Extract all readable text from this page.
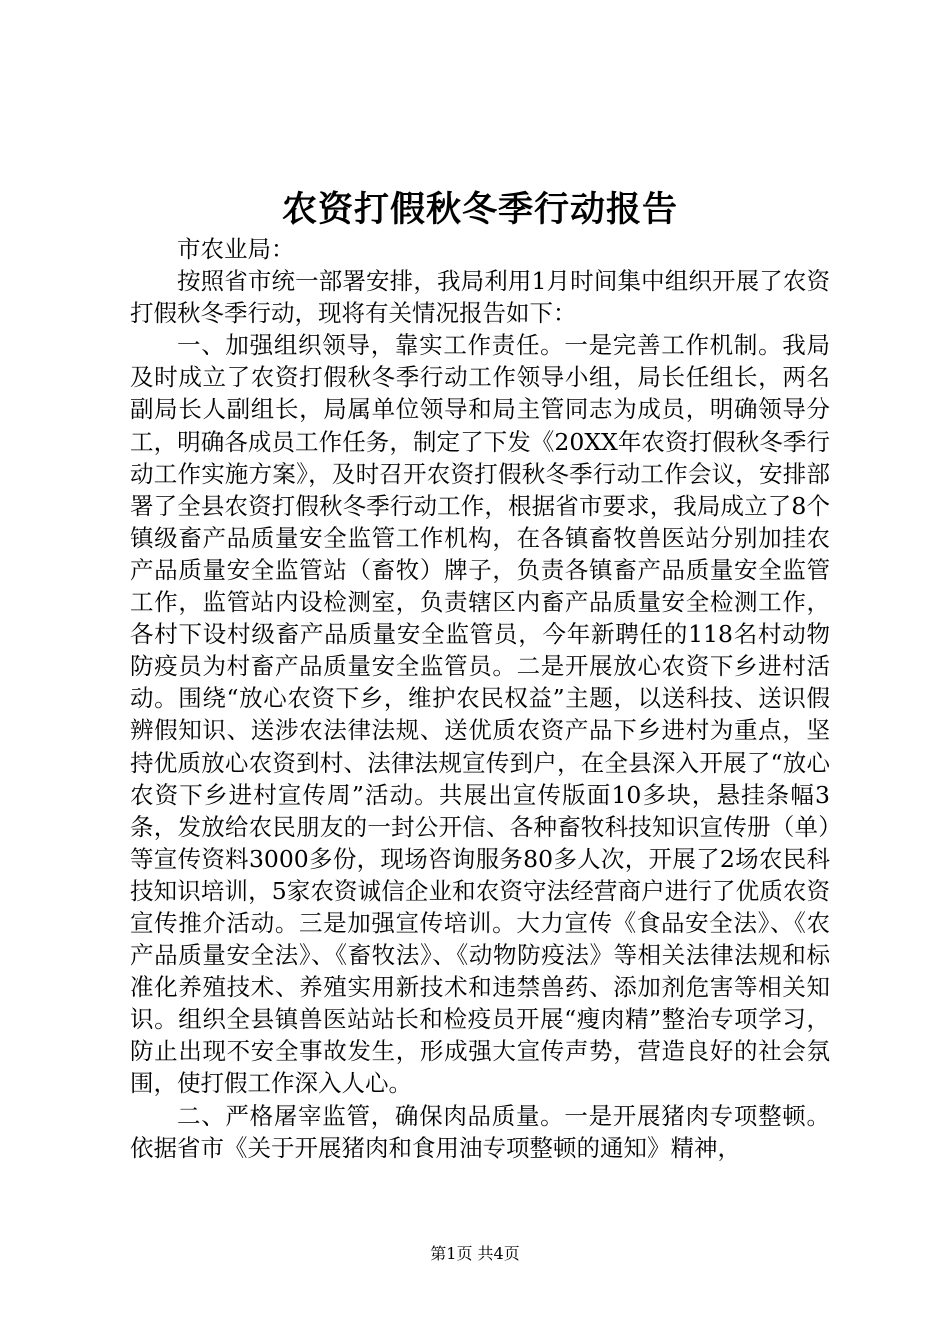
农资打假秋冬季行动报告

市农业局：

按照省市统一部署安排，我局利用1月时间集中组织开展了农资打假秋冬季行动，现将有关情况报告如下：

一、加强组织领导，靠实工作责任。一是完善工作机制。我局及时成立了农资打假秋冬季行动工作领导小组，局长任组长，两名副局长人副组长，局属单位领导和局主管同志为成员，明确领导分工，明确各成员工作任务，制定了下发《20XX年农资打假秋冬季行动工作实施方案》，及时召开农资打假秋冬季行动工作会议，安排部署了全县农资打假秋冬季行动工作，根据省市要求，我局成立了8个镇级畜产品质量安全监管工作机构，在各镇畜牧兽医站分别加挂农产品质量安全监管站（畜牧）牌子，负责各镇畜产品质量安全监管工作，监管站内设检测室，负责辖区内畜产品质量安全检测工作，各村下设村级畜产品质量安全监管员，今年新聘任的118名村动物防疫员为村畜产品质量安全监管员。二是开展放心农资下乡进村活动。围绕“放心农资下乡，维护农民权益”主题，以送科技、送识假辨假知识、送涉农法律法规、送优质农资产品下乡进村为重点，坚持优质放心农资到村、法律法规宣传到户，在全县深入开展了“放心农资下乡进村宣传周”活动。共展出宣传版面10多块，悬挂条幅3条，发放给农民朋友的一封公开信、各种畜牧科技知识宣传册（单）等宣传资料3000多份，现场咨询服务80多人次，开展了2场农民科技知识培训，5家农资诚信企业和农资守法经营商户进行了优质农资宣传推介活动。三是加强宣传培训。大力宣传《食品安全法》、《农产品质量安全法》、《畜牧法》、《动物防疫法》等相关法律法规和标准化养殖技术、养殖实用新技术和违禁兽药、添加剂危害等相关知识。组织全县镇兽医站站长和检疫员开展“瘦肉精”整治专项学习，防止出现不安全事故发生，形成强大宣传声势，营造良好的社会氛围，使打假工作深入人心。

二、严格屠宰监管，确保肉品质量。一是开展猪肉专项整顿。依据省市《关于开展猪肉和食用油专项整顿的通知》精神，

第1页 共4页
